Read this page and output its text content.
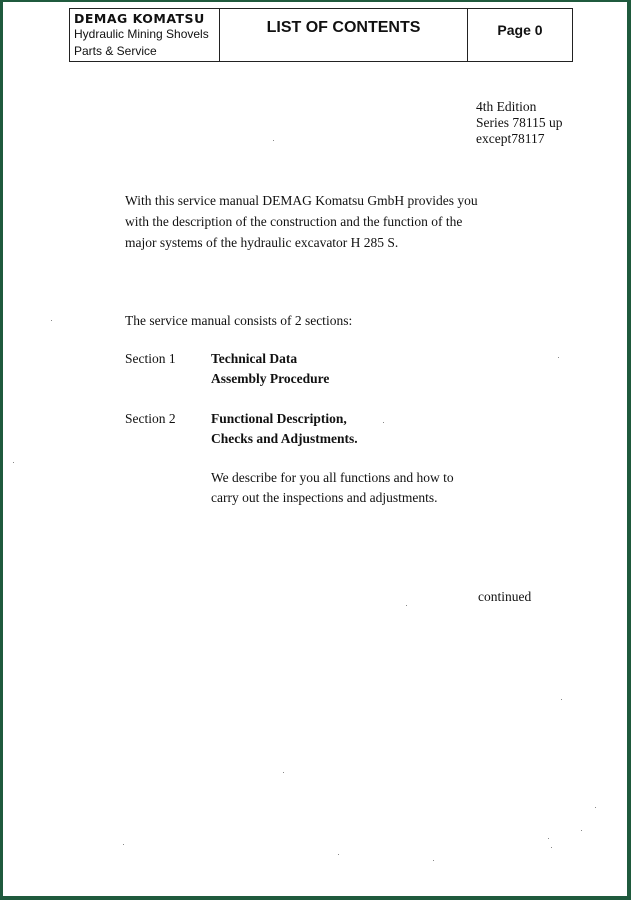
DEMAG KOMATSU
Hydraulic Mining Shovels
Parts & Service
LIST OF CONTENTS	Page 0
4th Edition
Series 78115 up
except78117
With this service manual DEMAG Komatsu GmbH provides you
with the description of the construction and the function of the
major systems of the hydraulic excavator H 285 S.
The service manual consists of 2 sections:
Section 1	Technical Data
Assembly Procedure
Section 2	Functional Description,
Checks and Adjustments.
We describe for you all functions and how to
carry out the inspections and adjustments.
continued
